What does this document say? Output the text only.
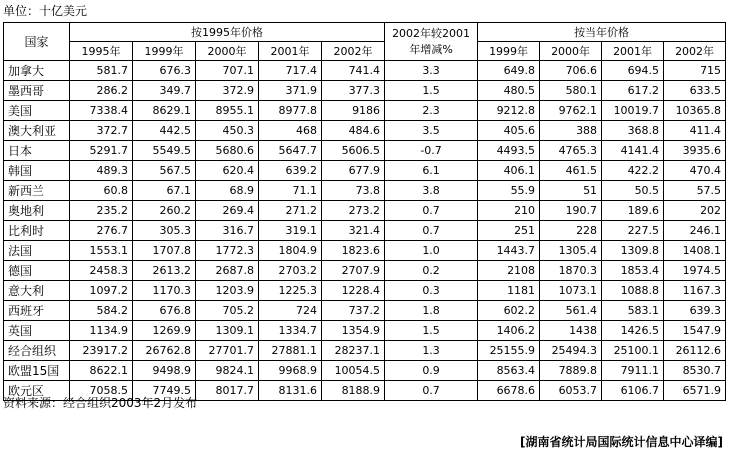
单位：十亿美元
国家	按1995年价格					2002年较2001年增减%	按当年价格			
	1995年	1999年	2000年	2001年	2002年		1999年	2000年	2001年	2002年
加拿大	581.7	676.3	707.1	717.4	741.4	3.3	649.8	706.6	694.5	715
墨西哥	286.2	349.7	372.9	371.9	377.3	1.5	480.5	580.1	617.2	633.5
美国	7338.4	8629.1	8955.1	8977.8	9186	2.3	9212.8	9762.1	10019.7	10365.8
澳大利亚	372.7	442.5	450.3	468	484.6	3.5	405.6	388	368.8	411.4
日本	5291.7	5549.5	5680.6	5647.7	5606.5	-0.7	4493.5	4765.3	4141.4	3935.6
韩国	489.3	567.5	620.4	639.2	677.9	6.1	406.1	461.5	422.2	470.4
新西兰	60.8	67.1	68.9	71.1	73.8	3.8	55.9	51	50.5	57.5
奥地利	235.2	260.2	269.4	271.2	273.2	0.7	210	190.7	189.6	202
比利时	276.7	305.3	316.7	319.1	321.4	0.7	251	228	227.5	246.1
法国	1553.1	1707.8	1772.3	1804.9	1823.6	1.0	1443.7	1305.4	1309.8	1408.1
德国	2458.3	2613.2	2687.8	2703.2	2707.9	0.2	2108	1870.3	1853.4	1974.5
意大利	1097.2	1170.3	1203.9	1225.3	1228.4	0.3	1181	1073.1	1088.8	1167.3
西班牙	584.2	676.8	705.2	724	737.2	1.8	602.2	561.4	583.1	639.3
英国	1134.9	1269.9	1309.1	1334.7	1354.9	1.5	1406.2	1438	1426.5	1547.9
经合组织	23917.2	26762.8	27701.7	27881.1	28237.1	1.3	25155.9	25494.3	25100.1	26112.6
欧盟15国	8622.1	9498.9	9824.1	9968.9	10054.5	0.9	8563.4	7889.8	7911.1	8530.7
欧元区	7058.5	7749.5	8017.7	8131.6	8188.9	0.7	6678.6	6053.7	6106.7	6571.9
资料来源：经合组织2003年2月发布
[湖南省统计局国际统计信息中心译编]
